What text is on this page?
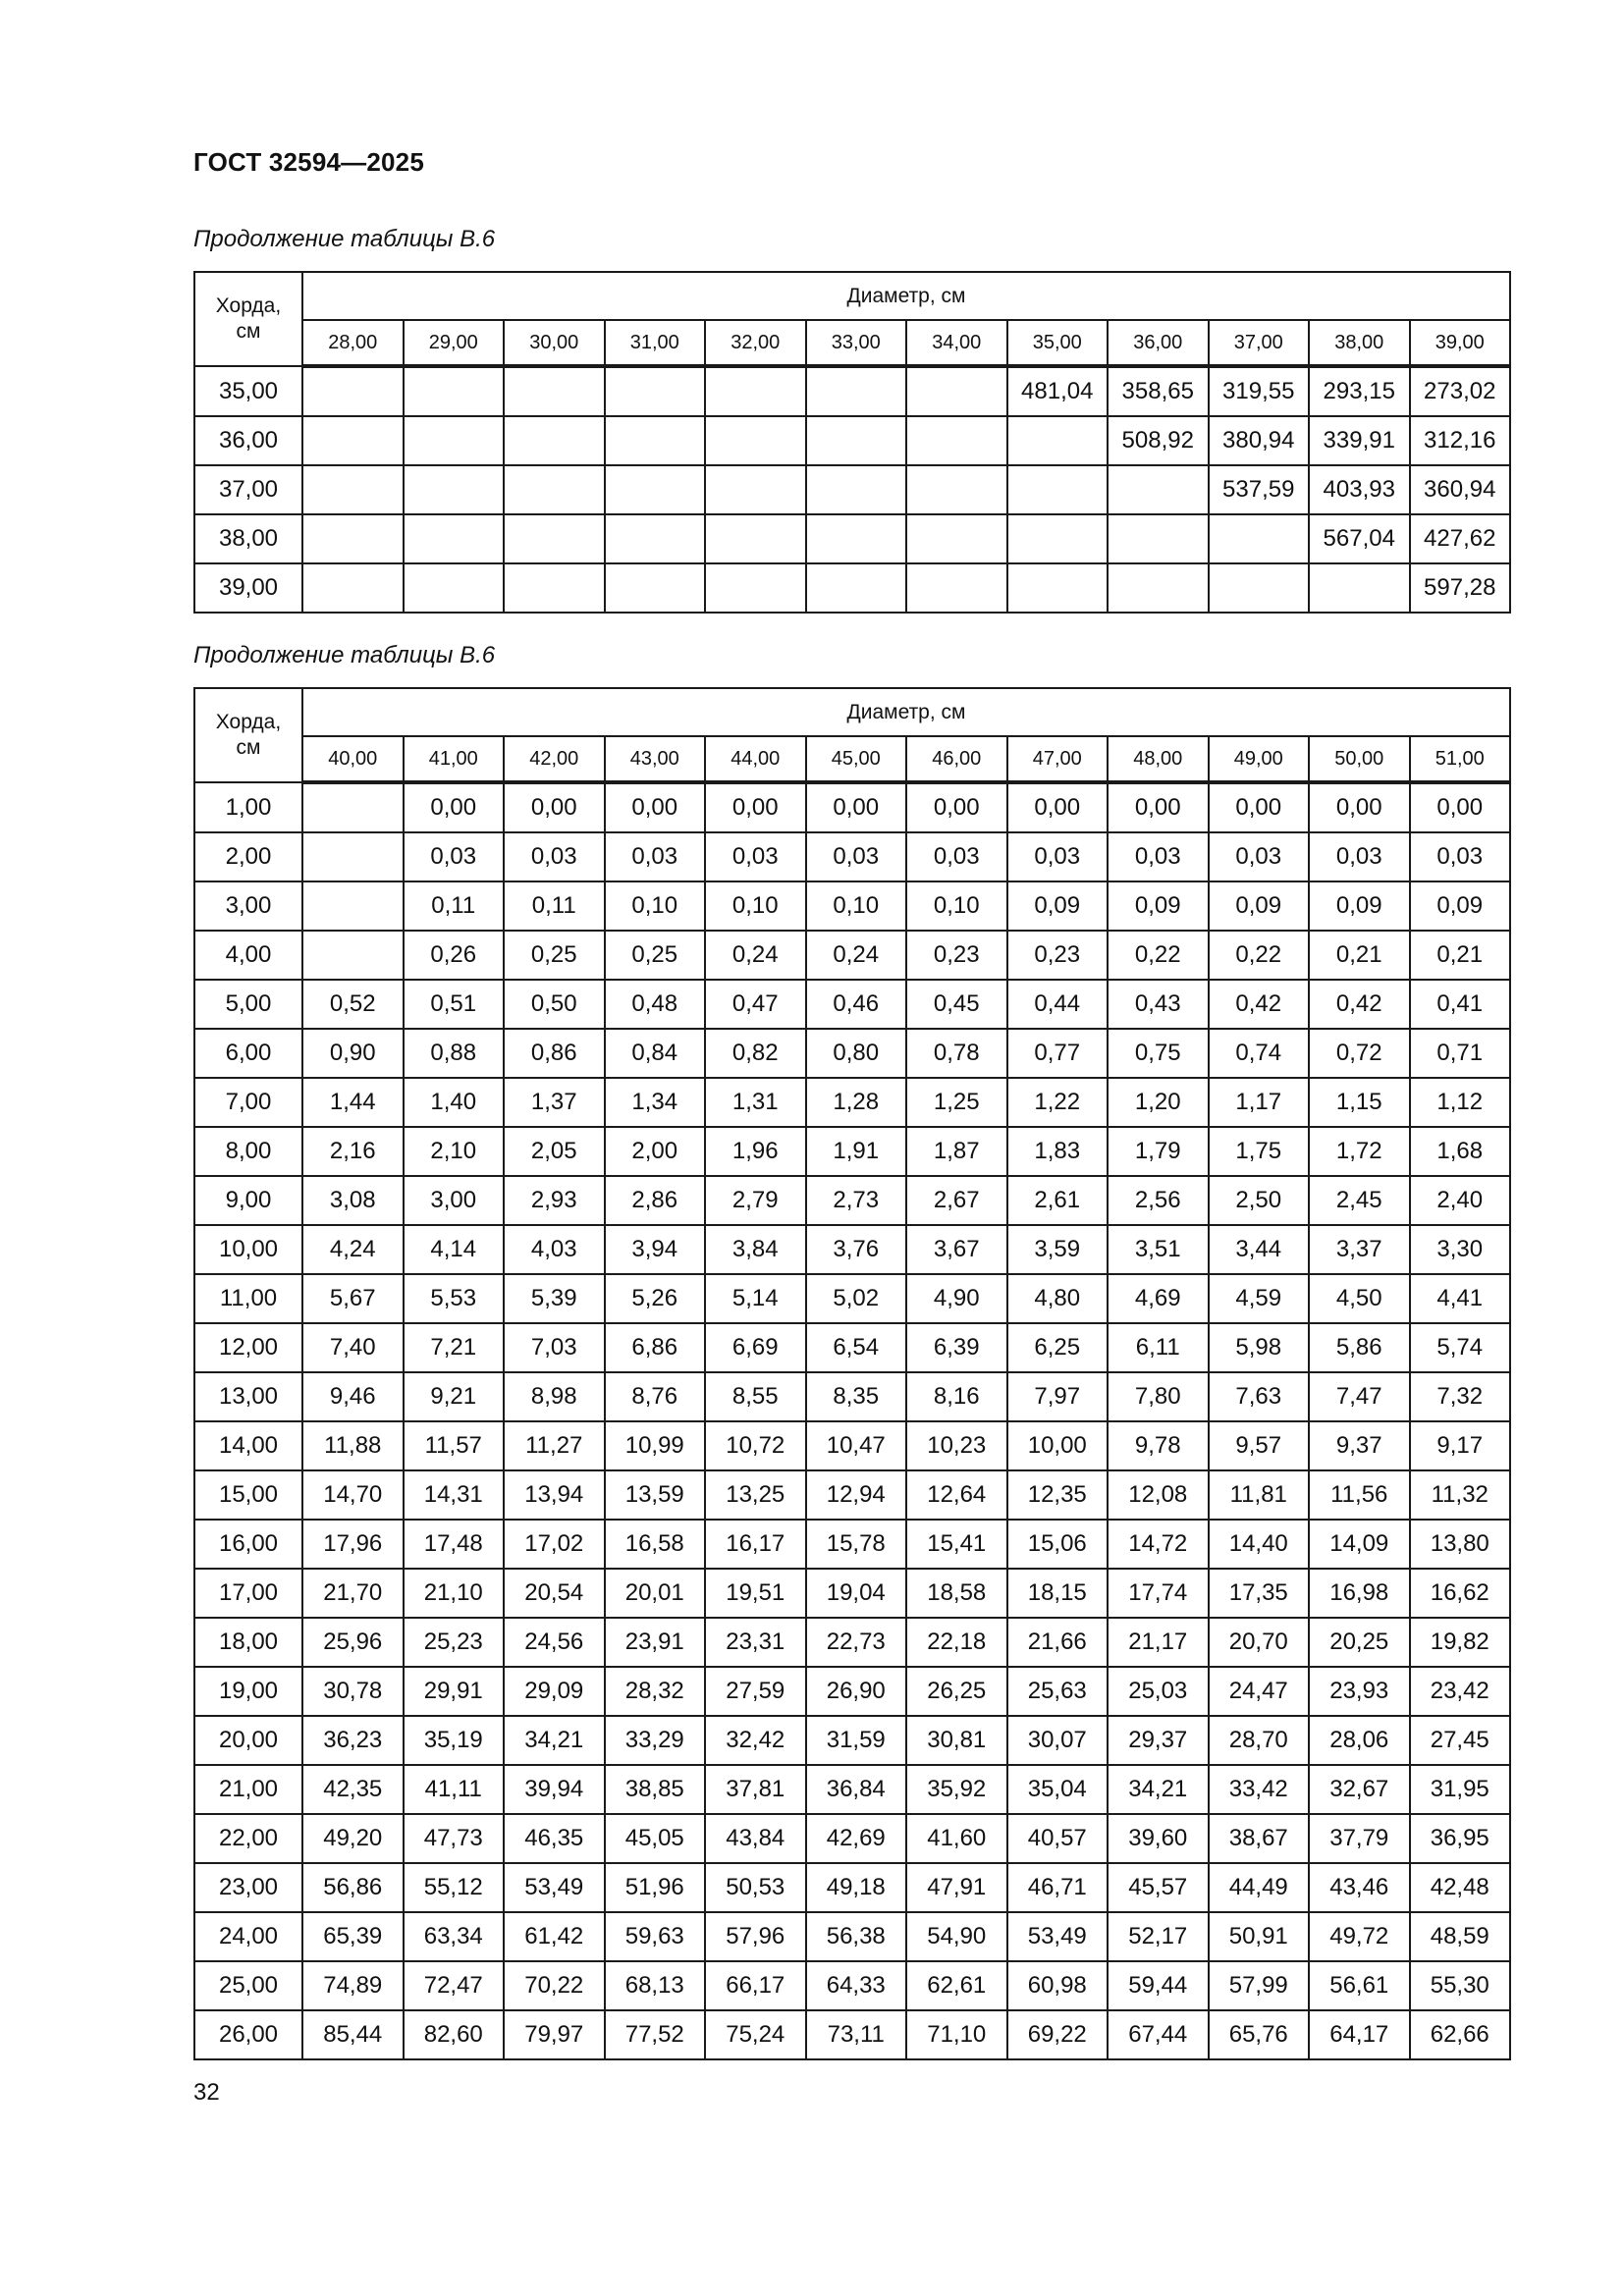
ГОСТ 32594—2025
Продолжение таблицы В.6
Хорда, см	Диаметр, см											
	28,00	29,00	30,00	31,00	32,00	33,00	34,00	35,00	36,00	37,00	38,00	39,00
35,00								481,04	358,65	319,55	293,15	273,02
36,00									508,92	380,94	339,91	312,16
37,00										537,59	403,93	360,94
38,00											567,04	427,62
39,00												597,28
Продолжение таблицы В.6
Хорда, см	Диаметр, см											
	40,00	41,00	42,00	43,00	44,00	45,00	46,00	47,00	48,00	49,00	50,00	51,00
1,00		0,00	0,00	0,00	0,00	0,00	0,00	0,00	0,00	0,00	0,00	0,00
2,00		0,03	0,03	0,03	0,03	0,03	0,03	0,03	0,03	0,03	0,03	0,03
3,00		0,11	0,11	0,10	0,10	0,10	0,10	0,09	0,09	0,09	0,09	0,09
4,00		0,26	0,25	0,25	0,24	0,24	0,23	0,23	0,22	0,22	0,21	0,21
5,00	0,52	0,51	0,50	0,48	0,47	0,46	0,45	0,44	0,43	0,42	0,42	0,41
6,00	0,90	0,88	0,86	0,84	0,82	0,80	0,78	0,77	0,75	0,74	0,72	0,71
7,00	1,44	1,40	1,37	1,34	1,31	1,28	1,25	1,22	1,20	1,17	1,15	1,12
8,00	2,16	2,10	2,05	2,00	1,96	1,91	1,87	1,83	1,79	1,75	1,72	1,68
9,00	3,08	3,00	2,93	2,86	2,79	2,73	2,67	2,61	2,56	2,50	2,45	2,40
10,00	4,24	4,14	4,03	3,94	3,84	3,76	3,67	3,59	3,51	3,44	3,37	3,30
11,00	5,67	5,53	5,39	5,26	5,14	5,02	4,90	4,80	4,69	4,59	4,50	4,41
12,00	7,40	7,21	7,03	6,86	6,69	6,54	6,39	6,25	6,11	5,98	5,86	5,74
13,00	9,46	9,21	8,98	8,76	8,55	8,35	8,16	7,97	7,80	7,63	7,47	7,32
14,00	11,88	11,57	11,27	10,99	10,72	10,47	10,23	10,00	9,78	9,57	9,37	9,17
15,00	14,70	14,31	13,94	13,59	13,25	12,94	12,64	12,35	12,08	11,81	11,56	11,32
16,00	17,96	17,48	17,02	16,58	16,17	15,78	15,41	15,06	14,72	14,40	14,09	13,80
17,00	21,70	21,10	20,54	20,01	19,51	19,04	18,58	18,15	17,74	17,35	16,98	16,62
18,00	25,96	25,23	24,56	23,91	23,31	22,73	22,18	21,66	21,17	20,70	20,25	19,82
19,00	30,78	29,91	29,09	28,32	27,59	26,90	26,25	25,63	25,03	24,47	23,93	23,42
20,00	36,23	35,19	34,21	33,29	32,42	31,59	30,81	30,07	29,37	28,70	28,06	27,45
21,00	42,35	41,11	39,94	38,85	37,81	36,84	35,92	35,04	34,21	33,42	32,67	31,95
22,00	49,20	47,73	46,35	45,05	43,84	42,69	41,60	40,57	39,60	38,67	37,79	36,95
23,00	56,86	55,12	53,49	51,96	50,53	49,18	47,91	46,71	45,57	44,49	43,46	42,48
24,00	65,39	63,34	61,42	59,63	57,96	56,38	54,90	53,49	52,17	50,91	49,72	48,59
25,00	74,89	72,47	70,22	68,13	66,17	64,33	62,61	60,98	59,44	57,99	56,61	55,30
26,00	85,44	82,60	79,97	77,52	75,24	73,11	71,10	69,22	67,44	65,76	64,17	62,66
32
